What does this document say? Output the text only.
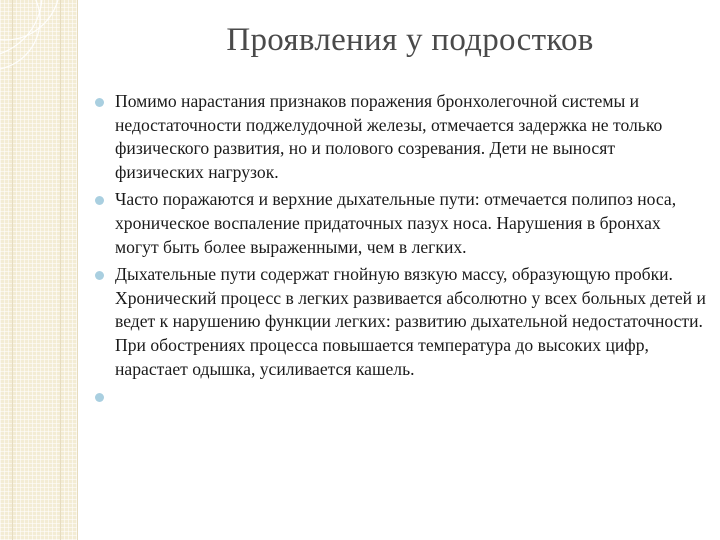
Проявления у подростков
Помимо нарастания признаков поражения бронхолегочной системы и недостаточности поджелудочной железы, отмечается задержка не только физического развития, но и полового созревания. Дети не выносят физических нагрузок.
Часто поражаются и верхние дыхательные пути: отмечается полипоз носа, хроническое воспаление придаточных пазух носа. Нарушения в бронхах могут быть более выраженными, чем в легких.
Дыхательные пути содержат гнойную вязкую массу, образующую пробки. Хронический процесс в легких развивается абсолютно у всех больных детей и ведет к нарушению функции легких: развитию дыхательной недостаточности. При обострениях процесса повышается температура до высоких цифр, нарастает одышка, усиливается кашель.
